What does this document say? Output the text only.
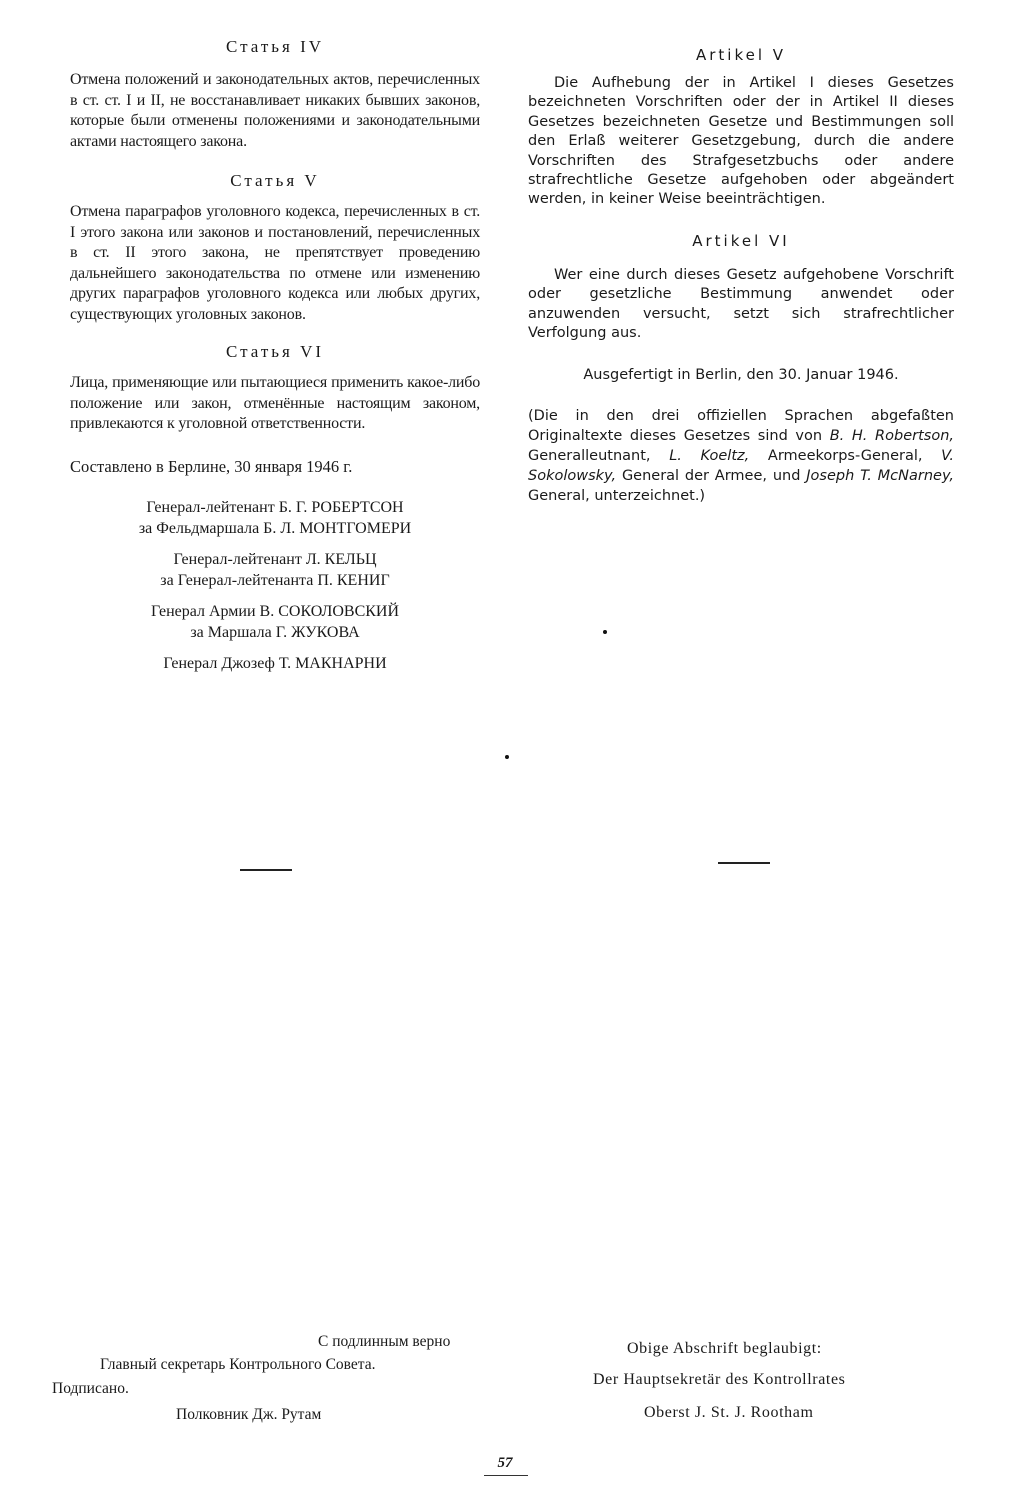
Статья IV

Отмена положений и законодательных актов, перечисленных в ст. ст. I и II, не восстанавливает никаких бывших законов, которые были отменены положениями и законодательными актами настоящего закона.

Статья V

Отмена параграфов уголовного кодекса, перечисленных в ст. I этого закона или законов и постановлений, перечисленных в ст. II этого закона, не препятствует проведению дальнейшего законодательства по отмене или изменению других параграфов уголовного кодекса или любых других, существующих уголовных законов.

Статья VI

Лица, применяющие или пытающиеся применить какое-либо положение или закон, отменённые настоящим законом, привлекаются к уголовной ответственности.

Составлено в Берлине, 30 января 1946 г.

Генерал-лейтенант Б. Г. РОБЕРТСОН
за Фельдмаршала Б. Л. МОНТГОМЕРИ
Генерал-лейтенант Л. КЕЛЬЦ
за Генерал-лейтенанта П. КЕНИГ
Генерал Армии В. СОКОЛОВСКИЙ
за Маршала Г. ЖУКОВА
Генерал Джозеф Т. МАКНАРНИ

Artikel V

Die Aufhebung der in Artikel I dieses Gesetzes bezeichneten Vorschriften oder der in Artikel II dieses Gesetzes bezeichneten Gesetze und Bestimmungen soll den Erlaß weiterer Gesetzgebung, durch die andere Vorschriften des Strafgesetzbuchs oder andere strafrechtliche Gesetze aufgehoben oder abgeändert werden, in keiner Weise beeinträchtigen.

Artikel VI

Wer eine durch dieses Gesetz aufgehobene Vorschrift oder gesetzliche Bestimmung anwendet oder anzuwenden versucht, setzt sich strafrechtlicher Verfolgung aus.

Ausgefertigt in Berlin, den 30. Januar 1946.

(Die in den drei offiziellen Sprachen abgefaßten Originaltexte dieses Gesetzes sind von B. H. Robertson, Generalleutnant, L. Koeltz, Armeekorps-General, V. Sokolowsky, General der Armee, und Joseph T. McNarney, General, unterzeichnet.)

С подлинным верно
Главный секретарь Контрольного Совета.
Подписано.
Полковник Дж. Рутам
Obige Abschrift beglaubigt:
Der Hauptsekretär des Kontrollrates
Oberst J. St. J. Rootham
57
